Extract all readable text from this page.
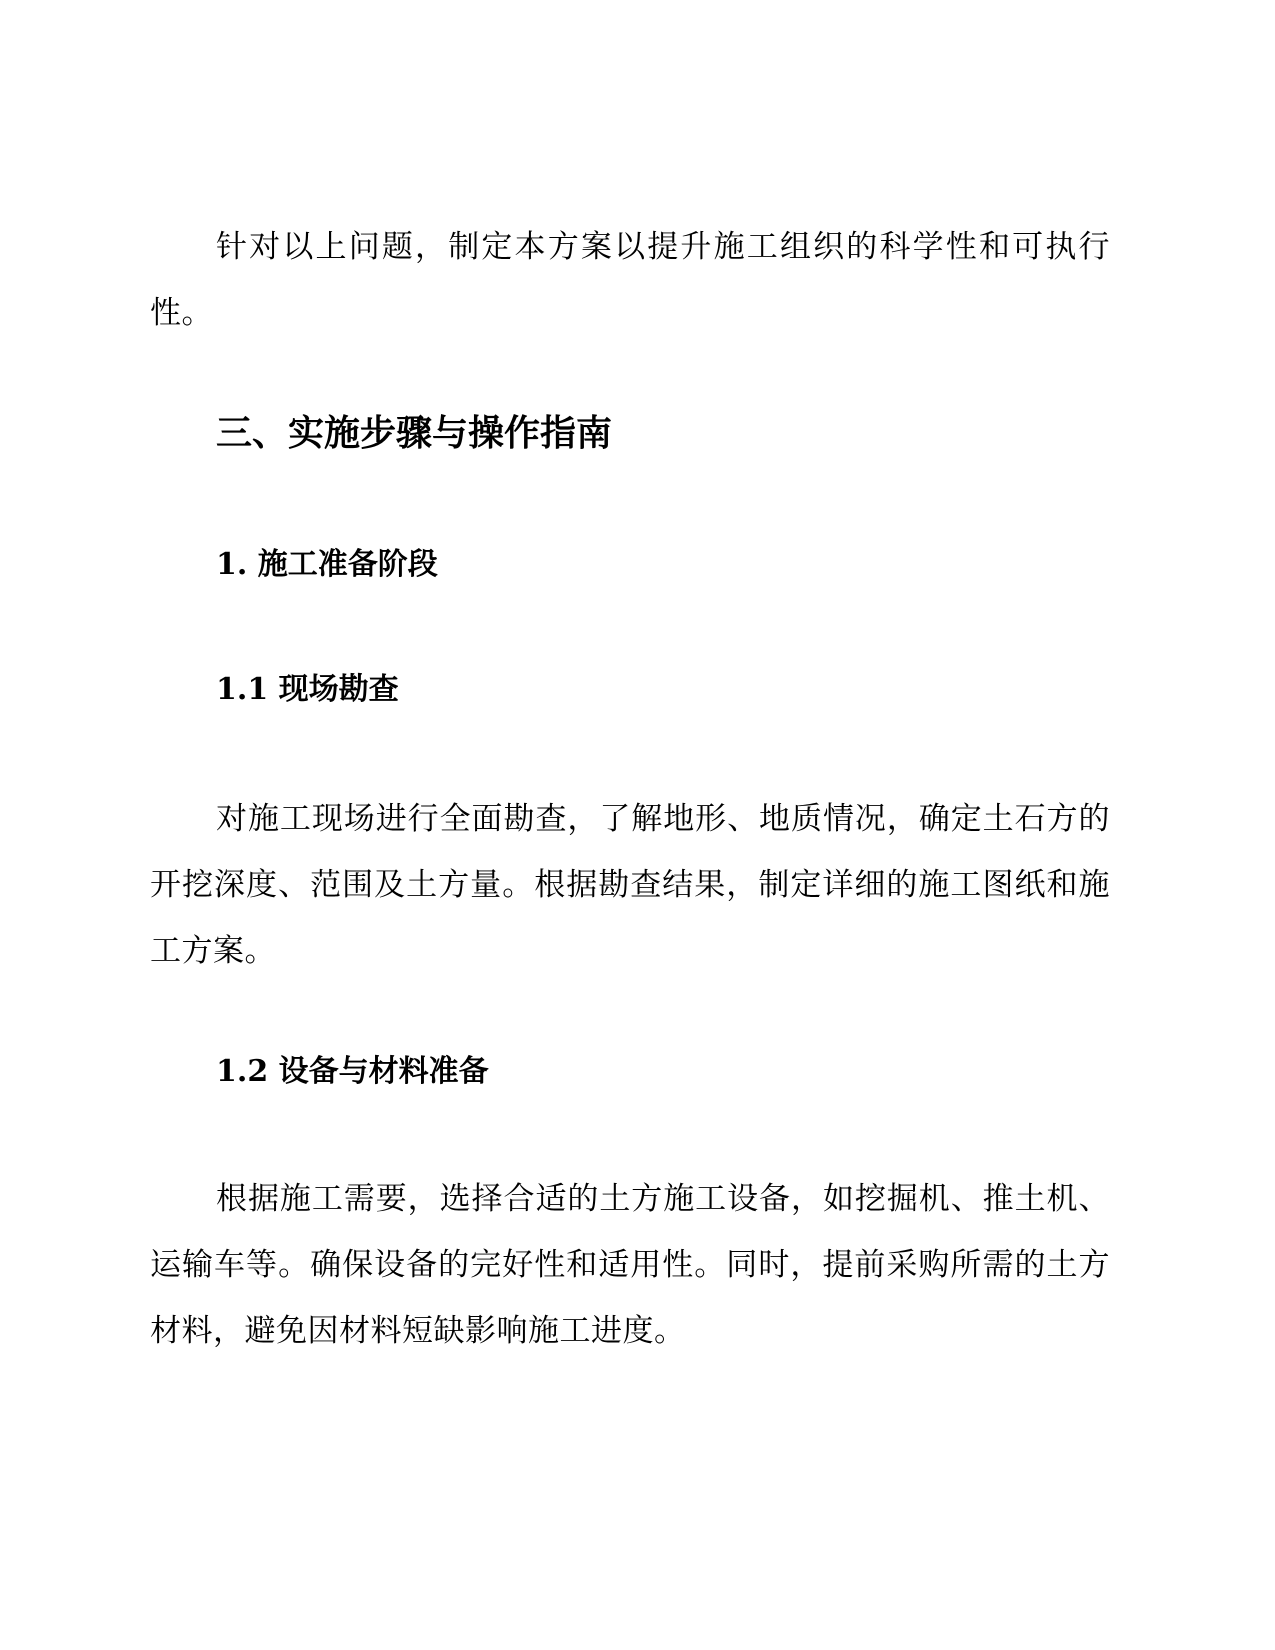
针对以上问题，制定本方案以提升施工组织的科学性和可执行性。

三、实施步骤与操作指南
1. 施工准备阶段
1.1 现场勘查

对施工现场进行全面勘查，了解地形、地质情况，确定土石方的开挖深度、范围及土方量。根据勘查结果，制定详细的施工图纸和施工方案。

1.2 设备与材料准备

根据施工需要，选择合适的土方施工设备，如挖掘机、推土机、运输车等。确保设备的完好性和适用性。同时，提前采购所需的土方材料，避免因材料短缺影响施工进度。
